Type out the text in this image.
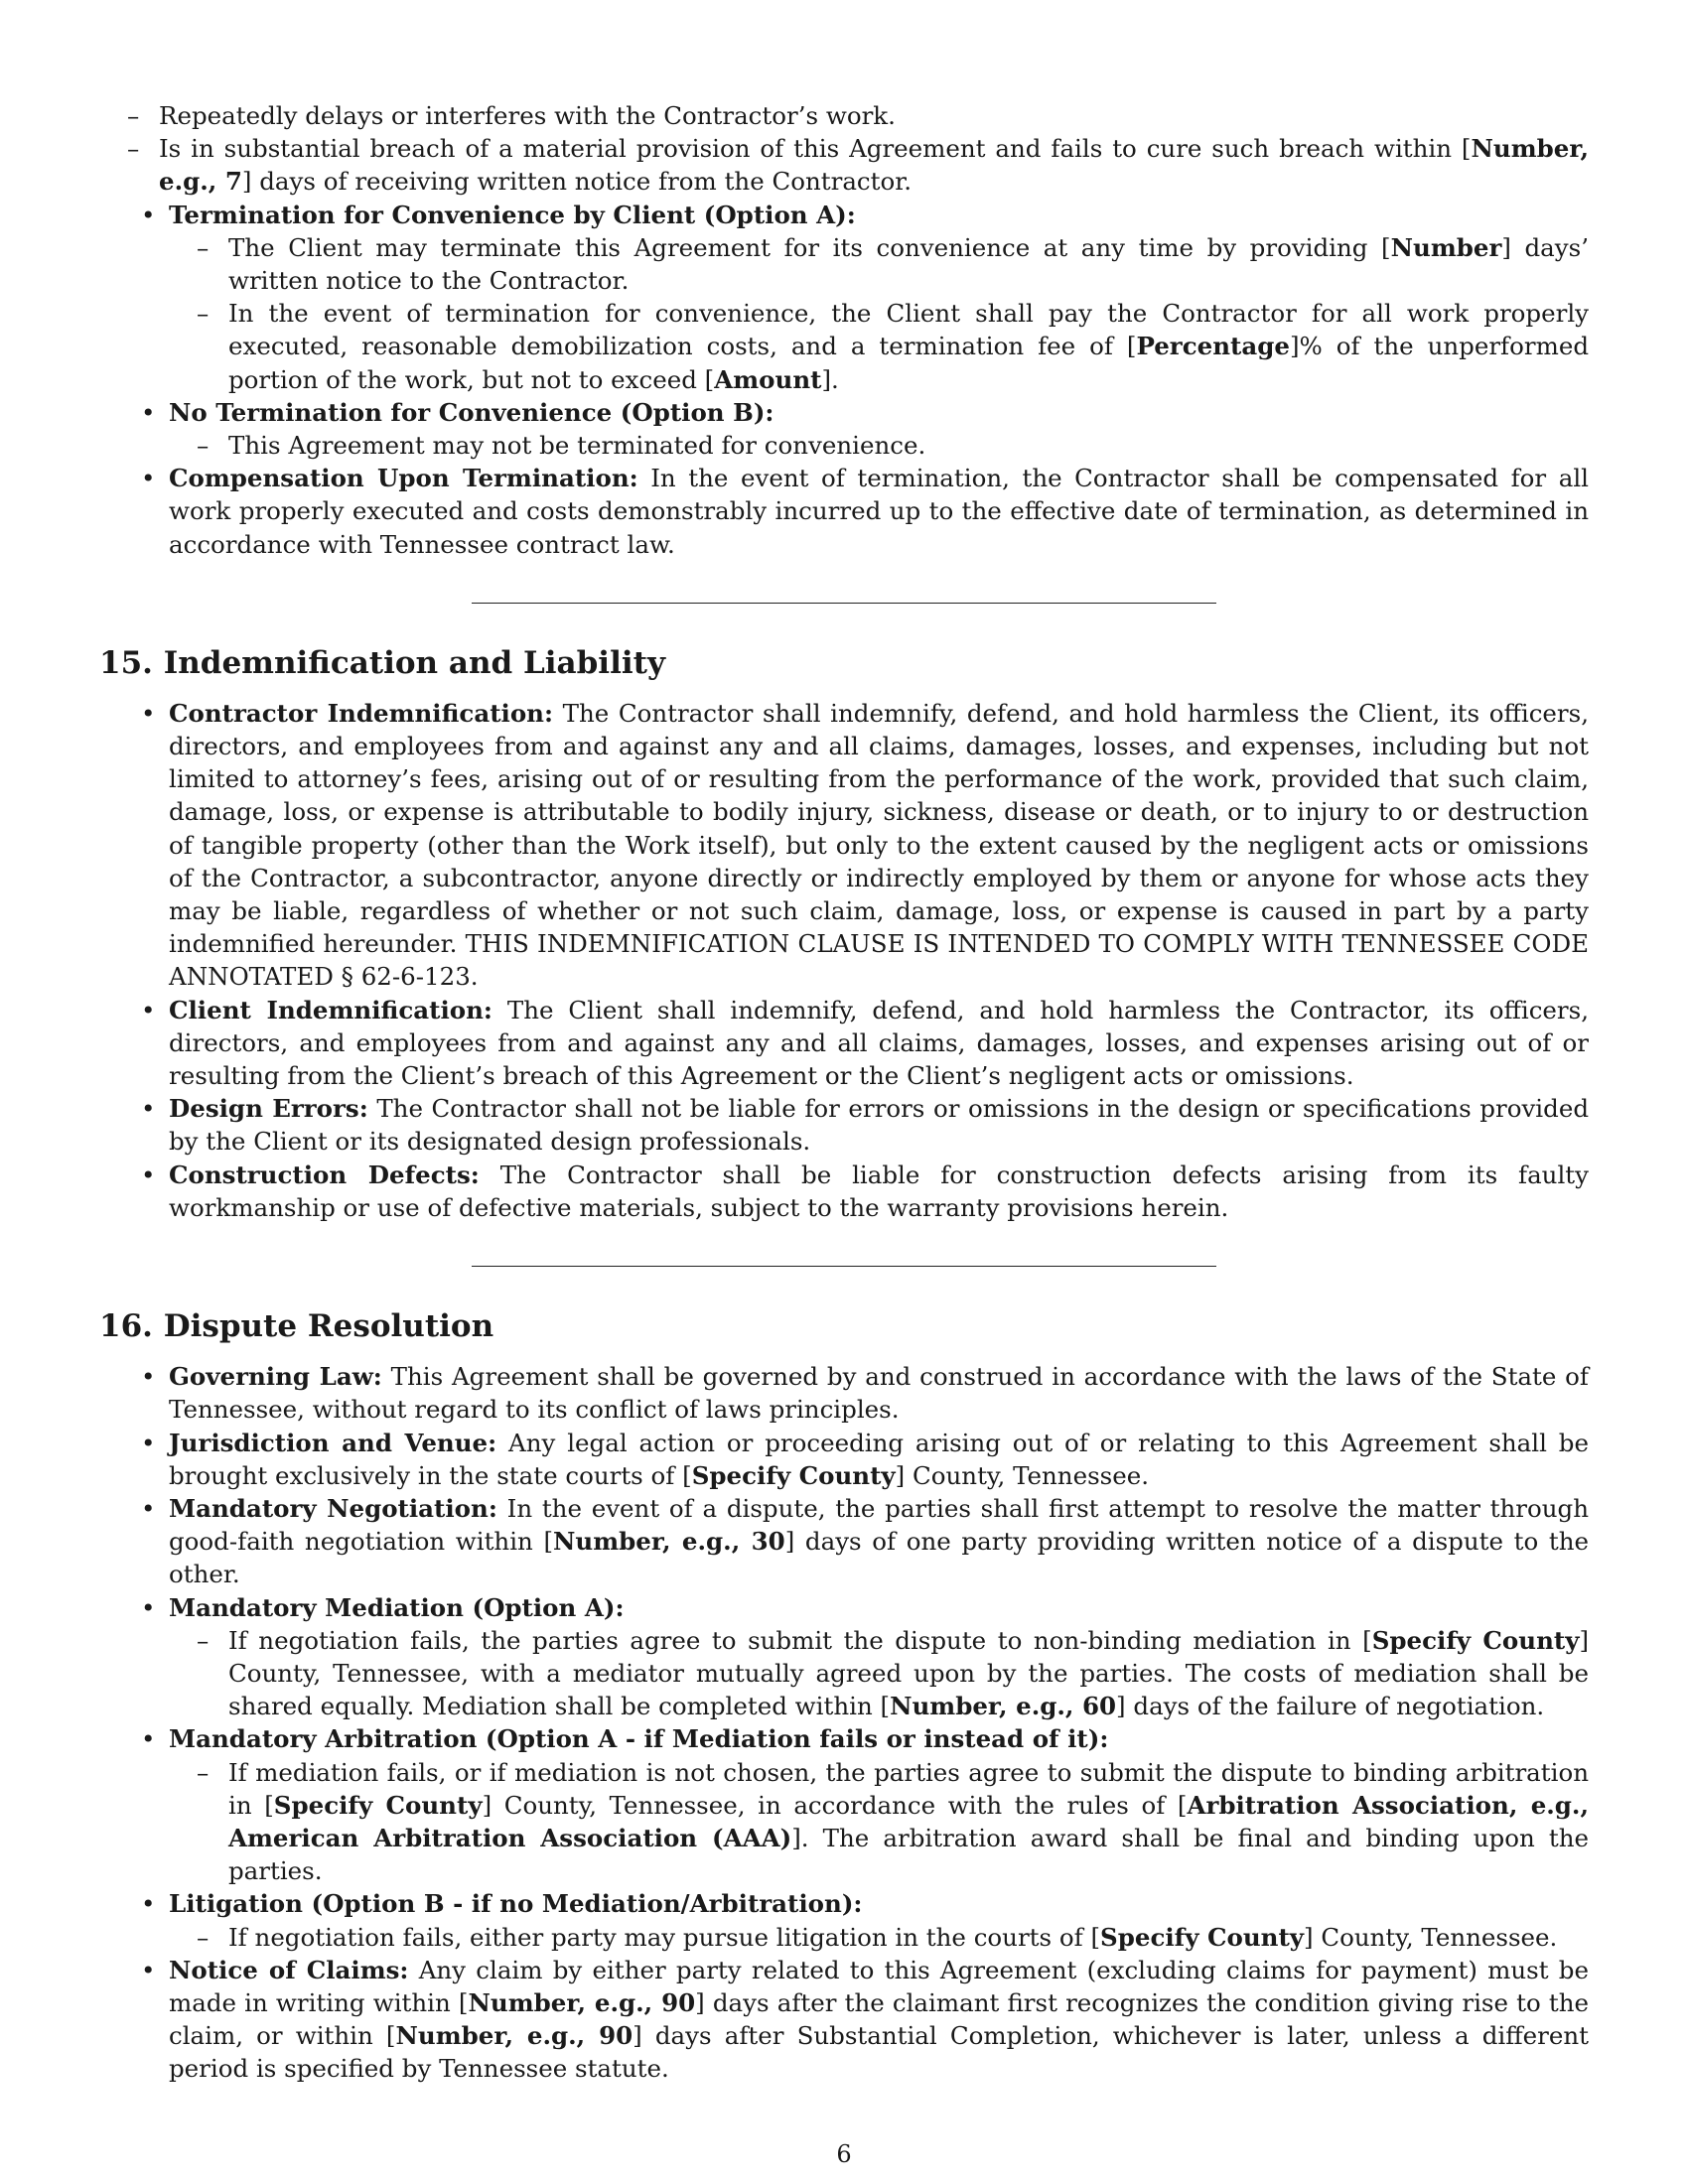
– Repeatedly delays or interferes with the Contractor’s work.
– Is in substantial breach of a material provision of this Agreement and fails to cure such breach within [Number, e.g., 7] days of receiving written notice from the Contractor.
• Termination for Convenience by Client (Option A):
– The Client may terminate this Agreement for its convenience at any time by providing [Number] days’ written notice to the Contractor.
– In the event of termination for convenience, the Client shall pay the Contractor for all work properly executed, reasonable demobilization costs, and a termination fee of [Percentage]% of the unperformed portion of the work, but not to exceed [Amount].
• No Termination for Convenience (Option B):
– This Agreement may not be terminated for convenience.
• Compensation Upon Termination: In the event of termination, the Contractor shall be compensated for all work properly executed and costs demonstrably incurred up to the effective date of termination, as determined in accordance with Tennessee contract law.
15. Indemnification and Liability
• Contractor Indemnification: The Contractor shall indemnify, defend, and hold harmless the Client, its officers, directors, and employees from and against any and all claims, damages, losses, and expenses, including but not limited to attorney’s fees, arising out of or resulting from the performance of the work, provided that such claim, damage, loss, or expense is attributable to bodily injury, sickness, disease or death, or to injury to or destruction of tangible property (other than the Work itself), but only to the extent caused by the negligent acts or omissions of the Contractor, a subcontractor, anyone directly or indirectly employed by them or anyone for whose acts they may be liable, regardless of whether or not such claim, damage, loss, or expense is caused in part by a party indemnified hereunder. THIS INDEMNIFICATION CLAUSE IS INTENDED TO COMPLY WITH TENNESSEE CODE ANNOTATED § 62-6-123.
• Client Indemnification: The Client shall indemnify, defend, and hold harmless the Contractor, its officers, directors, and employees from and against any and all claims, damages, losses, and expenses arising out of or resulting from the Client’s breach of this Agreement or the Client’s negligent acts or omissions.
• Design Errors: The Contractor shall not be liable for errors or omissions in the design or specifications provided by the Client or its designated design professionals.
• Construction Defects: The Contractor shall be liable for construction defects arising from its faulty workmanship or use of defective materials, subject to the warranty provisions herein.
16. Dispute Resolution
• Governing Law: This Agreement shall be governed by and construed in accordance with the laws of the State of Tennessee, without regard to its conflict of laws principles.
• Jurisdiction and Venue: Any legal action or proceeding arising out of or relating to this Agreement shall be brought exclusively in the state courts of [Specify County] County, Tennessee.
• Mandatory Negotiation: In the event of a dispute, the parties shall first attempt to resolve the matter through good-faith negotiation within [Number, e.g., 30] days of one party providing written notice of a dispute to the other.
• Mandatory Mediation (Option A):
– If negotiation fails, the parties agree to submit the dispute to non-binding mediation in [Specify County] County, Tennessee, with a mediator mutually agreed upon by the parties. The costs of mediation shall be shared equally. Mediation shall be completed within [Number, e.g., 60] days of the failure of negotiation.
• Mandatory Arbitration (Option A - if Mediation fails or instead of it):
– If mediation fails, or if mediation is not chosen, the parties agree to submit the dispute to binding arbitration in [Specify County] County, Tennessee, in accordance with the rules of [Arbitration Association, e.g., American Arbitration Association (AAA)]. The arbitration award shall be final and binding upon the parties.
• Litigation (Option B - if no Mediation/Arbitration):
– If negotiation fails, either party may pursue litigation in the courts of [Specify County] County, Tennessee.
• Notice of Claims: Any claim by either party related to this Agreement (excluding claims for payment) must be made in writing within [Number, e.g., 90] days after the claimant first recognizes the condition giving rise to the claim, or within [Number, e.g., 90] days after Substantial Completion, whichever is later, unless a different period is specified by Tennessee statute.
6
